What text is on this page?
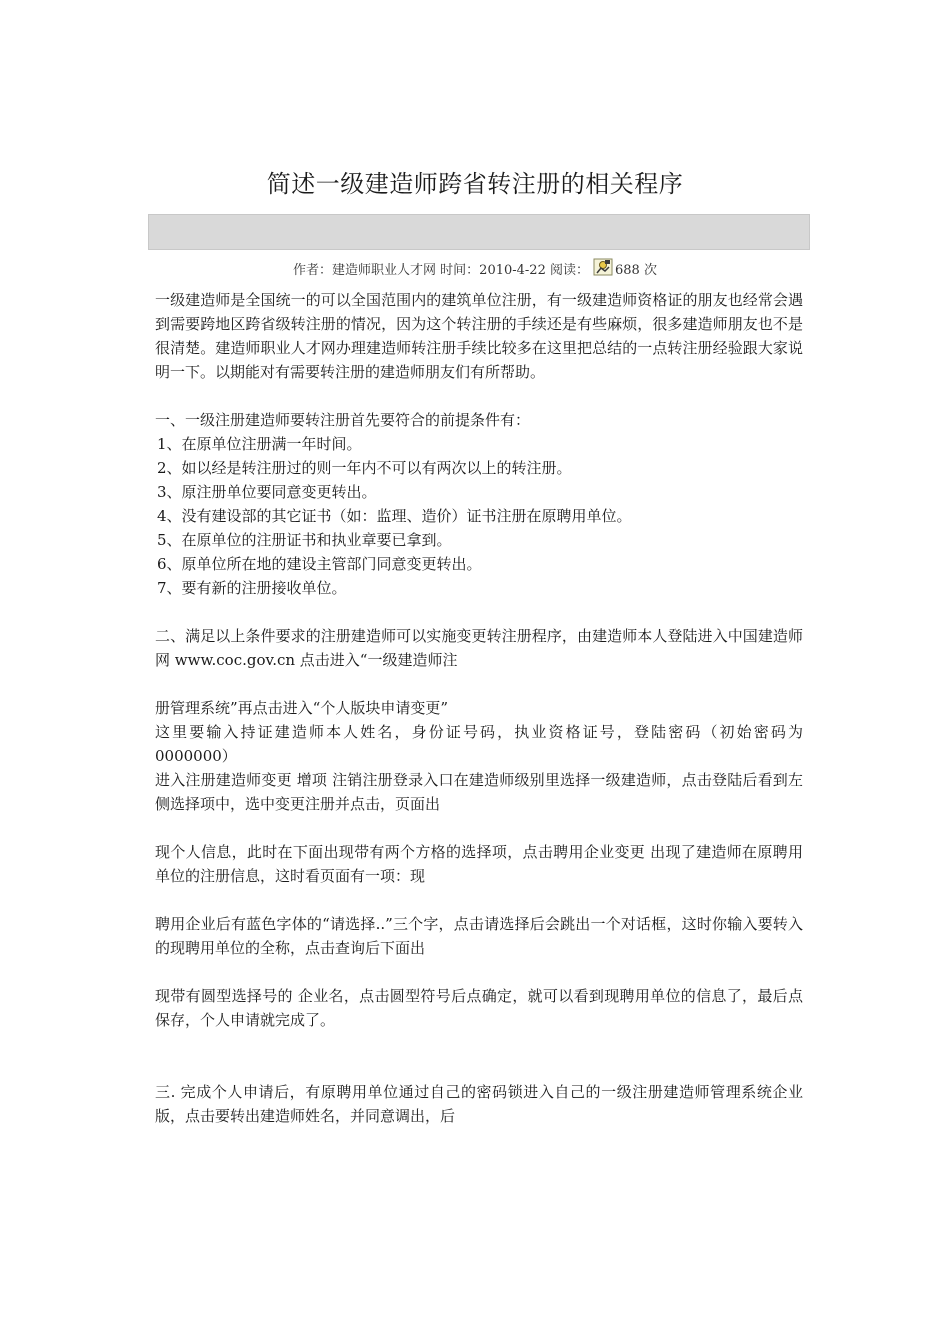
简述一级建造师跨省转注册的相关程序
作者：建造师职业人才网 时间：2010-4-22 阅读： 688 次

一级建造师是全国统一的可以全国范围内的建筑单位注册，有一级建造师资格证的朋友也经常会遇到需要跨地区跨省级转注册的情况，因为这个转注册的手续还是有些麻烦，很多建造师朋友也不是很清楚。建造师职业人才网办理建造师转注册手续比较多在这里把总结的一点转注册经验跟大家说明一下。以期能对有需要转注册的建造师朋友们有所帮助。

一、一级注册建造师要转注册首先要符合的前提条件有：

1、在原单位注册满一年时间。

2、如以经是转注册过的则一年内不可以有两次以上的转注册。

3、原注册单位要同意变更转出。

4、没有建设部的其它证书（如：监理、造价）证书注册在原聘用单位。

5、在原单位的注册证书和执业章要已拿到。

6、原单位所在地的建设主管部门同意变更转出。

7、要有新的注册接收单位。

二、满足以上条件要求的注册建造师可以实施变更转注册程序，由建造师本人登陆进入中国建造师网 www.coc.gov.cn 点击进入“一级建造师注

册管理系统”再点击进入“个人版块申请变更”

这里要输入持证建造师本人姓名，身份证号码，执业资格证号，登陆密码（初始密码为 0000000）

进入注册建造师变更 增项 注销注册登录入口在建造师级别里选择一级建造师，点击登陆后看到左侧选择项中，选中变更注册并点击，页面出

现个人信息，此时在下面出现带有两个方格的选择项，点击聘用企业变更 出现了建造师在原聘用单位的注册信息，这时看页面有一项：现

聘用企业后有蓝色字体的“请选择..”三个字，点击请选择后会跳出一个对话框，这时你输入要转入的现聘用单位的全称，点击查询后下面出

现带有圆型选择号的 企业名，点击圆型符号后点确定，就可以看到现聘用单位的信息了，最后点保存，个人申请就完成了。

三. 完成个人申请后，有原聘用单位通过自己的密码锁进入自己的一级注册建造师管理系统企业版，点击要转出建造师姓名，并同意调出，后
